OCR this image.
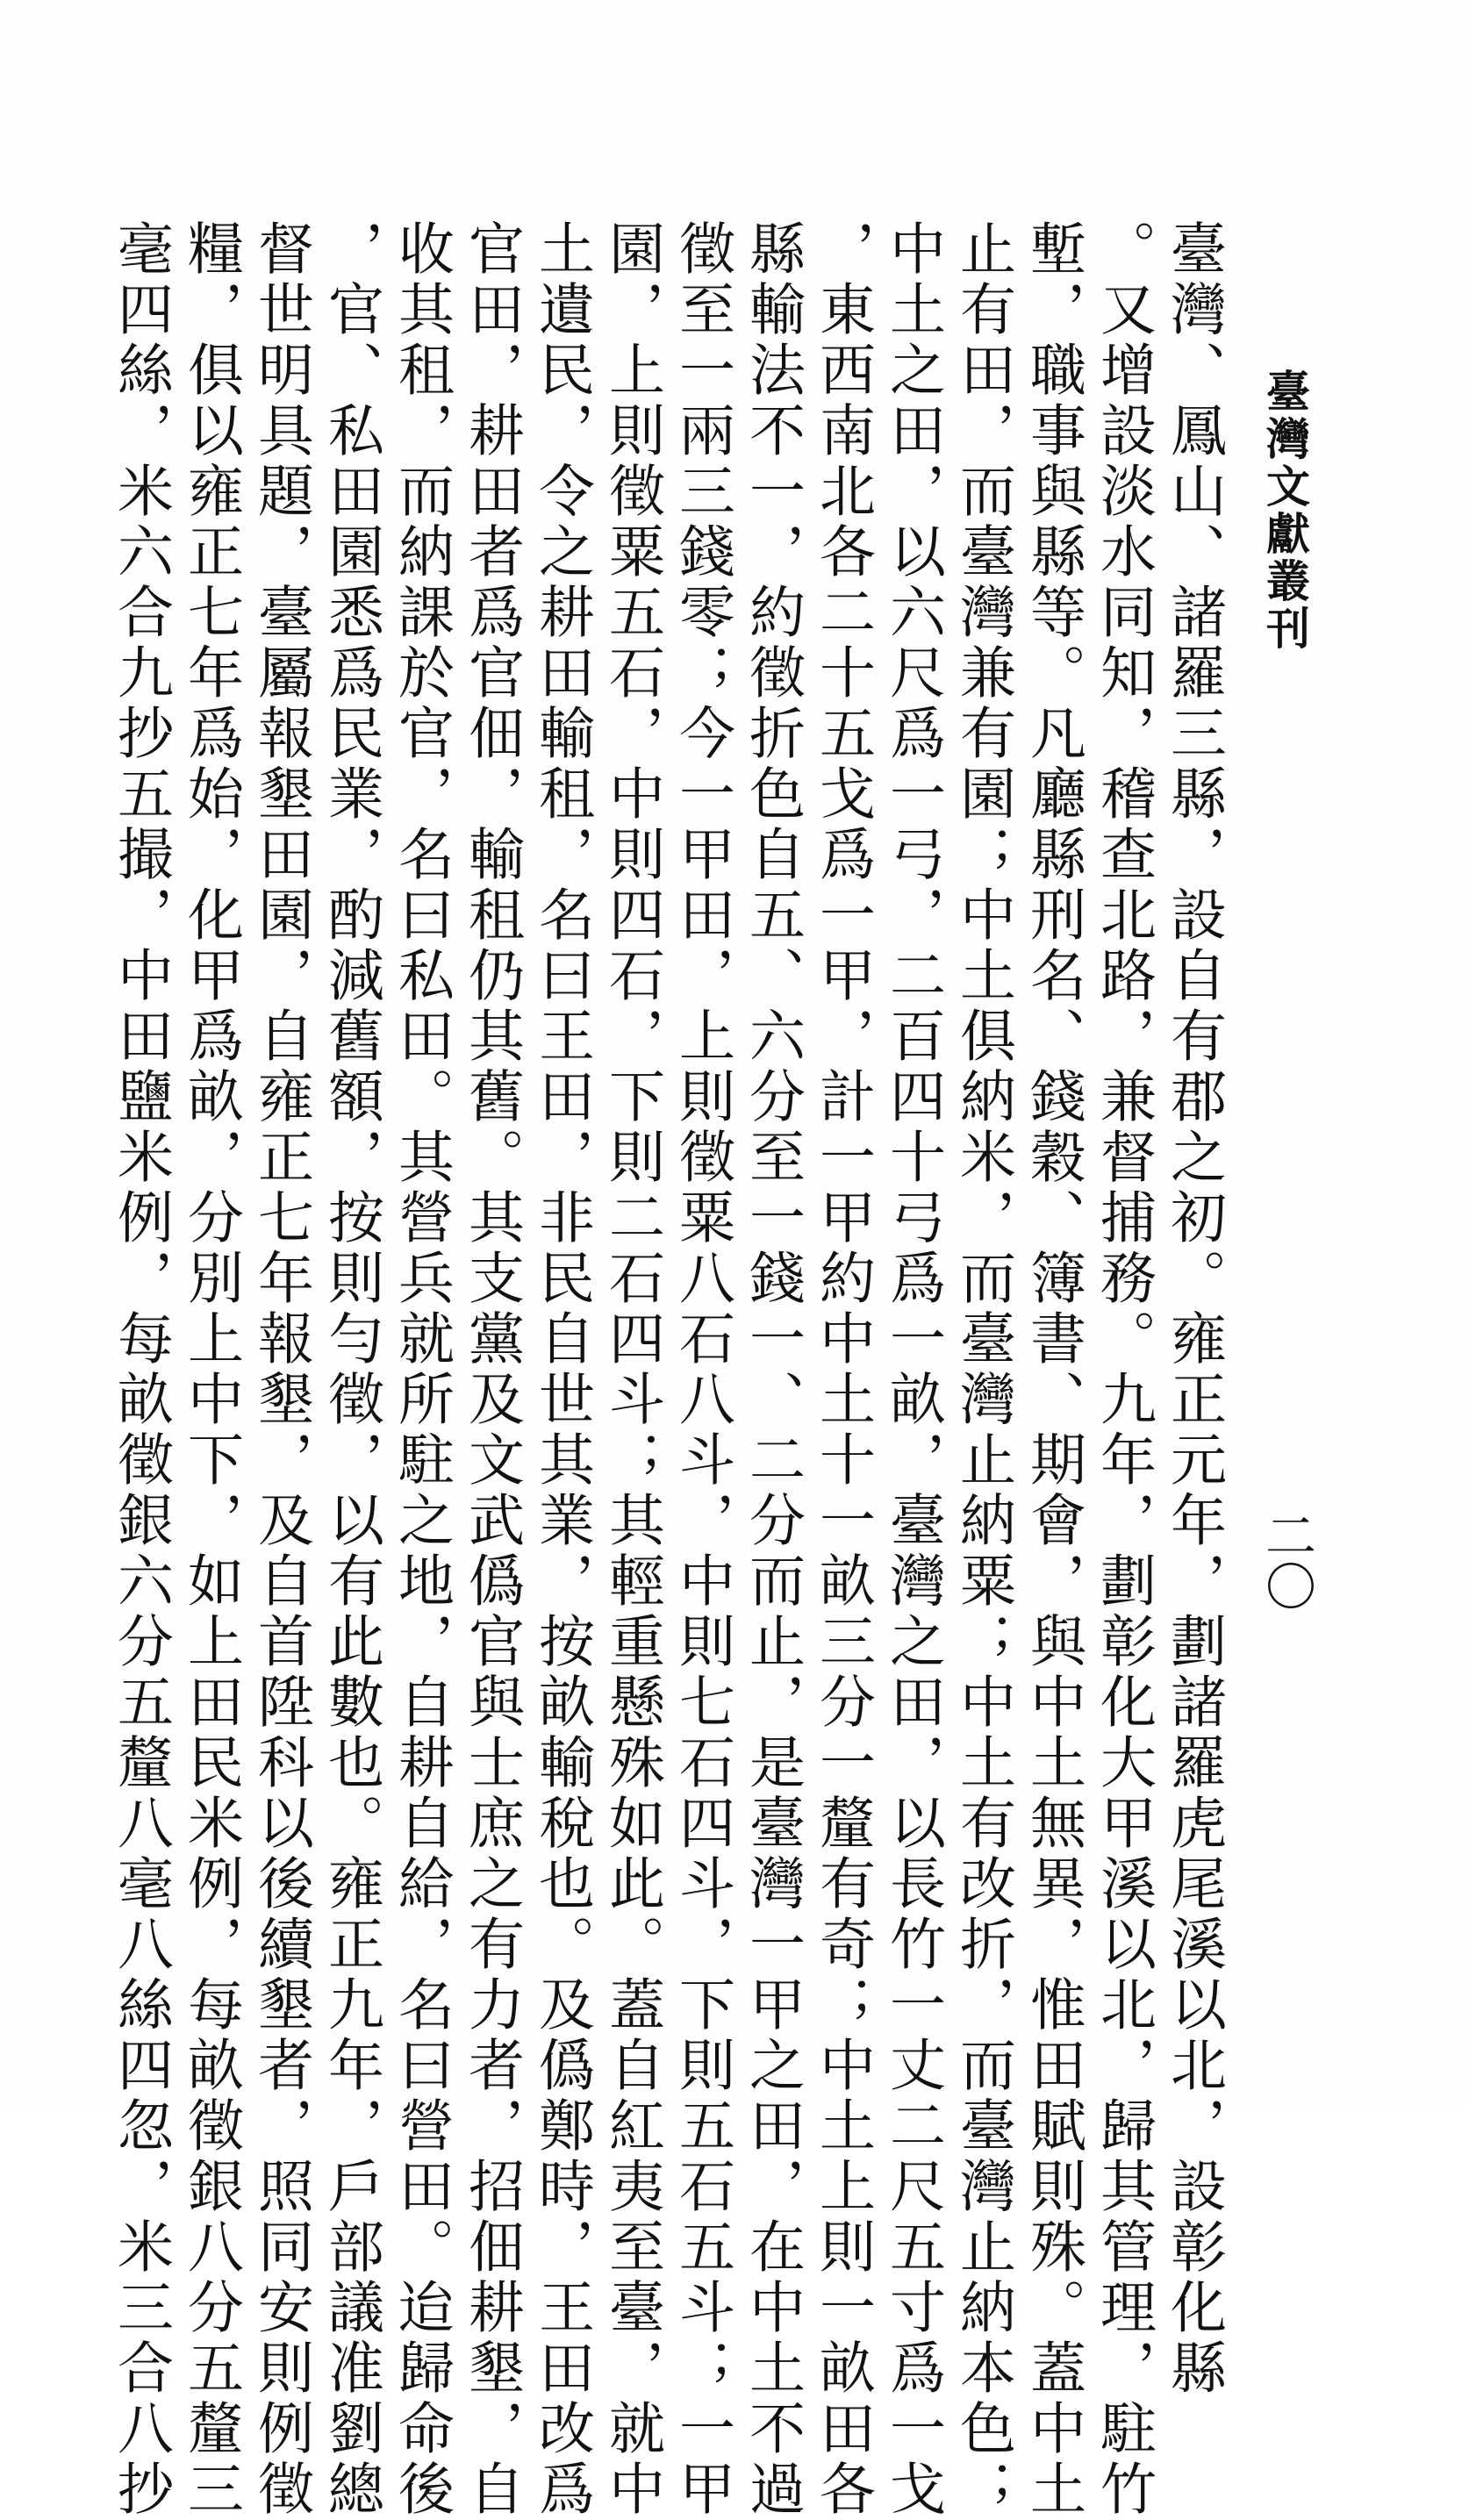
臺灣文獻叢刊
二〇
臺灣、鳳山、諸羅三縣，設自有郡之初。雍正元年，劃諸羅虎尾溪以北，設彰化縣
。又增設淡水同知，稽查北路，兼督捕務。九年，劃彰化大甲溪以北，歸其管理，駐竹
塹，職事與縣等。凡廳縣刑名、錢穀、簿書、期會，與中土無異，惟田賦則殊。蓋中土
止有田，而臺灣兼有園；中土俱納米，而臺灣止納粟；中土有改折，而臺灣止納本色；
中土之田，以六尺爲一弓，二百四十弓爲一畝，臺灣之田，以長竹一丈二尺五寸爲一戈
，東西南北各二十五戈爲一甲，計一甲約中土十一畝三分一釐有奇；中土上則一畝田各
縣輸法不一，約徵折色自五、六分至一錢一、二分而止，是臺灣一甲之田，在中土不過
徵至一兩三錢零；今一甲田，上則徵粟八石八斗，中則七石四斗，下則五石五斗；一甲
園，上則徵粟五石，中則四石，下則二石四斗；其輕重懸殊如此。蓋自紅夷至臺，就中
土遺民，令之耕田輸租，名曰王田，非民自世其業，按畝輸稅也。及僞鄭時，王田改爲
官田，耕田者爲官佃，輸租仍其舊。其支黨及文武僞官與士庶之有力者，招佃耕墾，自
收其租，而納課於官，名曰私田。其營兵就所駐之地，自耕自給，名曰營田。迨歸命後
，官、私田園悉爲民業，酌減舊額，按則勻徵，以有此數也。雍正九年，戶部議准劉總
督世明具題，臺屬報墾田園，自雍正七年報墾，及自首陞科以後續墾者，照同安則例徵
糧，俱以雍正七年爲始，化甲爲畝，分別上中下，如上田民米例，每畝徵銀八分五釐三
毫四絲，米六合九抄五撮，中田鹽米例，每畝徵銀六分五釐八毫八絲四忽，米三合八抄
